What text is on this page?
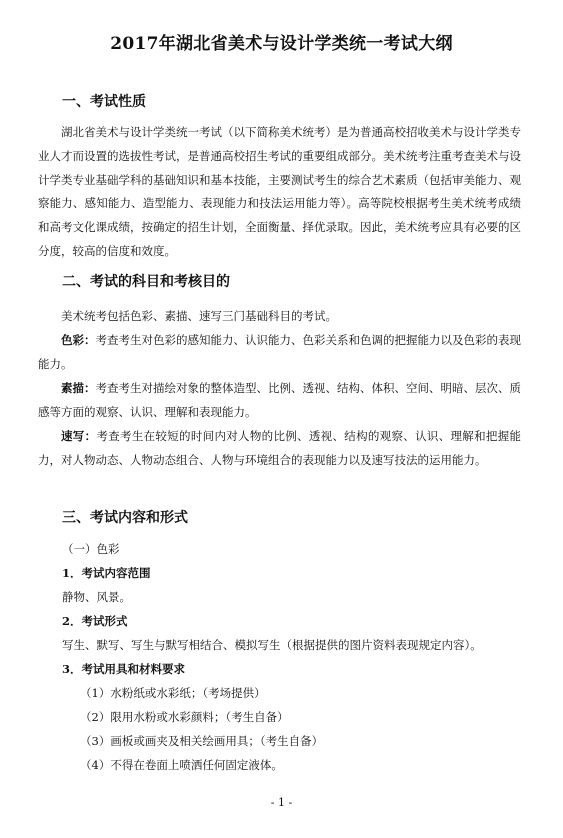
2017年湖北省美术与设计学类统一考试大纲
一、考试性质

湖北省美术与设计学类统一考试（以下简称美术统考）是为普通高校招收美术与设计学类专业人才而设置的选拔性考试，是普通高校招生考试的重要组成部分。美术统考注重考查美术与设计学类专业基础学科的基础知识和基本技能，主要测试考生的综合艺术素质（包括审美能力、观察能力、感知能力、造型能力、表现能力和技法运用能力等）。高等院校根据考生美术统考成绩和高考文化课成绩，按确定的招生计划，全面衡量、择优录取。因此，美术统考应具有必要的区分度，较高的信度和效度。

二、考试的科目和考核目的

美术统考包括色彩、素描、速写三门基础科目的考试。

色彩：考查考生对色彩的感知能力、认识能力、色彩关系和色调的把握能力以及色彩的表现能力。

素描：考查考生对描绘对象的整体造型、比例、透视、结构、体积、空间、明暗、层次、质感等方面的观察、认识、理解和表现能力。

速写：考查考生在较短的时间内对人物的比例、透视、结构的观察、认识、理解和把握能力，对人物动态、人物动态组合、人物与环境组合的表现能力以及速写技法的运用能力。

三、考试内容和形式
（一）色彩
1．考试内容范围
静物、风景。
2．考试形式
写生、默写、写生与默写相结合、模拟写生（根据提供的图片资料表现规定内容）。
3．考试用具和材料要求
（1）水粉纸或水彩纸；（考场提供）
（2）限用水粉或水彩颜料；（考生自备）
（3）画板或画夹及相关绘画用具；（考生自备）
（4）不得在卷面上喷洒任何固定液体。
- 1 -
